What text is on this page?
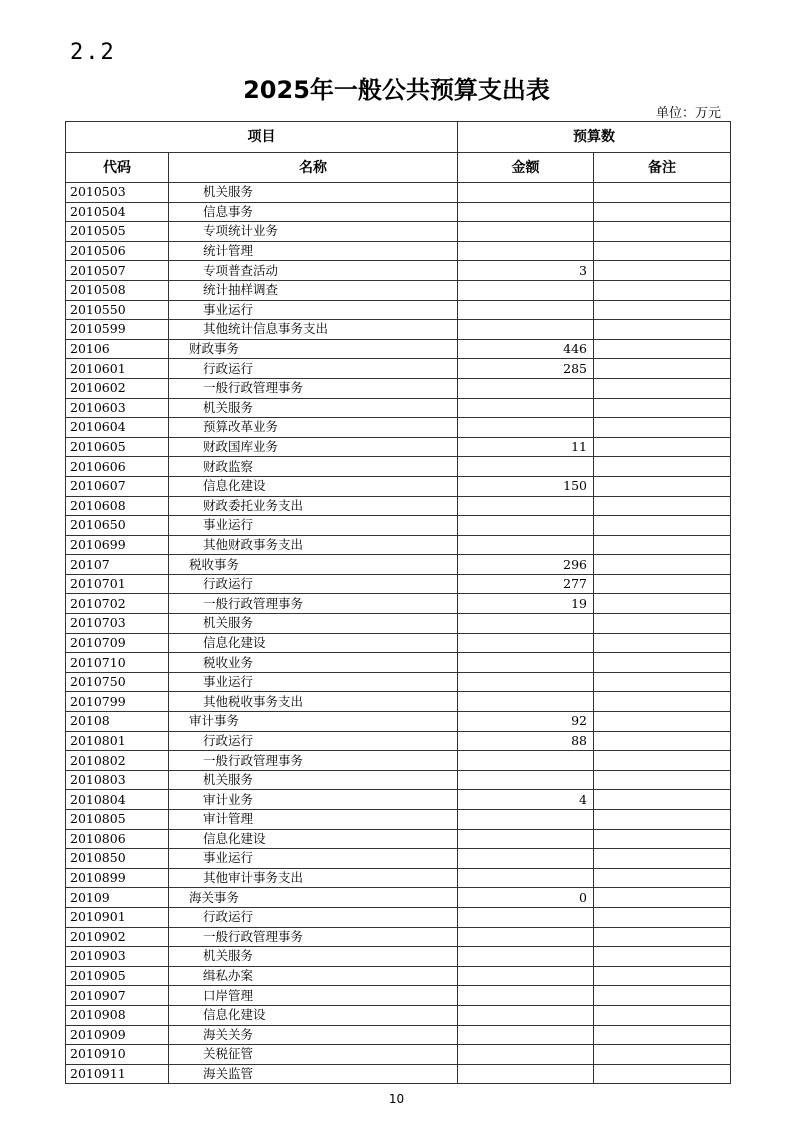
2.2
2025年一般公共预算支出表
单位：万元
项目		预算数	
代码	名称	金额	备注
2010503	机关服务		
2010504	信息事务		
2010505	专项统计业务		
2010506	统计管理		
2010507	专项普查活动	3	
2010508	统计抽样调查		
2010550	事业运行		
2010599	其他统计信息事务支出		
20106	财政事务	446	
2010601	行政运行	285	
2010602	一般行政管理事务		
2010603	机关服务		
2010604	预算改革业务		
2010605	财政国库业务	11	
2010606	财政监察		
2010607	信息化建设	150	
2010608	财政委托业务支出		
2010650	事业运行		
2010699	其他财政事务支出		
20107	税收事务	296	
2010701	行政运行	277	
2010702	一般行政管理事务	19	
2010703	机关服务		
2010709	信息化建设		
2010710	税收业务		
2010750	事业运行		
2010799	其他税收事务支出		
20108	审计事务	92	
2010801	行政运行	88	
2010802	一般行政管理事务		
2010803	机关服务		
2010804	审计业务	4	
2010805	审计管理		
2010806	信息化建设		
2010850	事业运行		
2010899	其他审计事务支出		
20109	海关事务	0	
2010901	行政运行		
2010902	一般行政管理事务		
2010903	机关服务		
2010905	缉私办案		
2010907	口岸管理		
2010908	信息化建设		
2010909	海关关务		
2010910	关税征管		
2010911	海关监管		
10
